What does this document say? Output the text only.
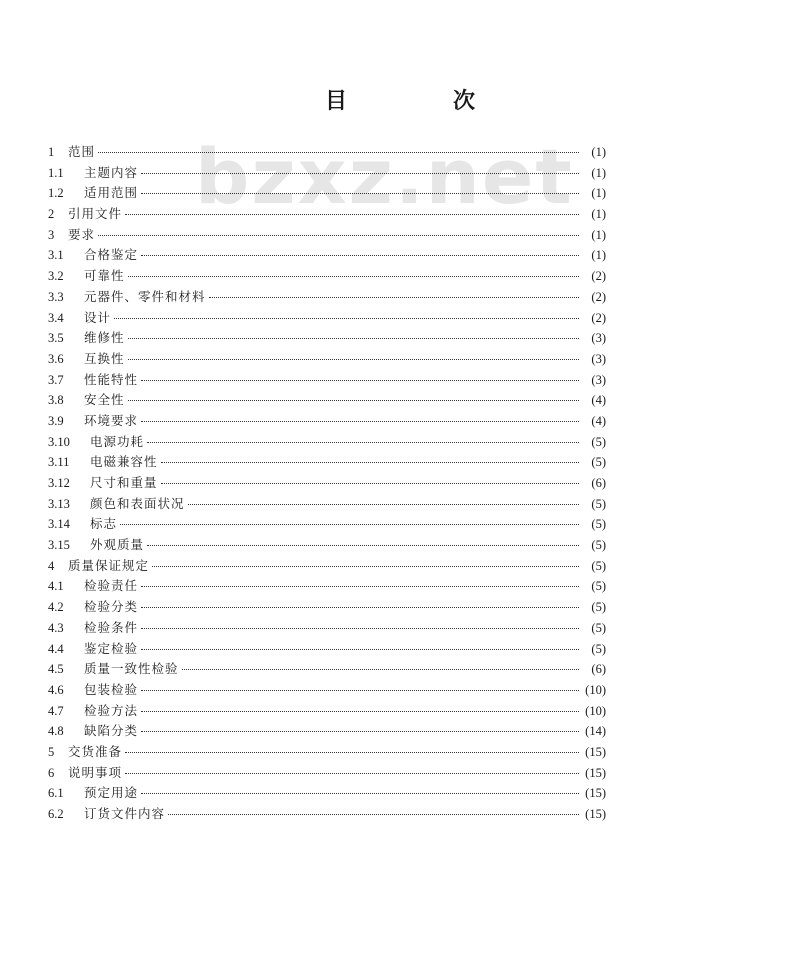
bzxz.net
目　次
1	范围	(1)
1.1	主题内容	(1)
1.2	适用范围	(1)
2	引用文件	(1)
3	要求	(1)
3.1	合格鉴定	(1)
3.2	可靠性	(2)
3.3	元器件、零件和材料	(2)
3.4	设计	(2)
3.5	维修性	(3)
3.6	互换性	(3)
3.7	性能特性	(3)
3.8	安全性	(4)
3.9	环境要求	(4)
3.10	电源功耗	(5)
3.11	电磁兼容性	(5)
3.12	尺寸和重量	(6)
3.13	颜色和表面状况	(5)
3.14	标志	(5)
3.15	外观质量	(5)
4	质量保证规定	(5)
4.1	检验责任	(5)
4.2	检验分类	(5)
4.3	检验条件	(5)
4.4	鉴定检验	(5)
4.5	质量一致性检验	(6)
4.6	包装检验	(10)
4.7	检验方法	(10)
4.8	缺陷分类	(14)
5	交货准备	(15)
6	说明事项	(15)
6.1	预定用途	(15)
6.2	订货文件内容	(15)
